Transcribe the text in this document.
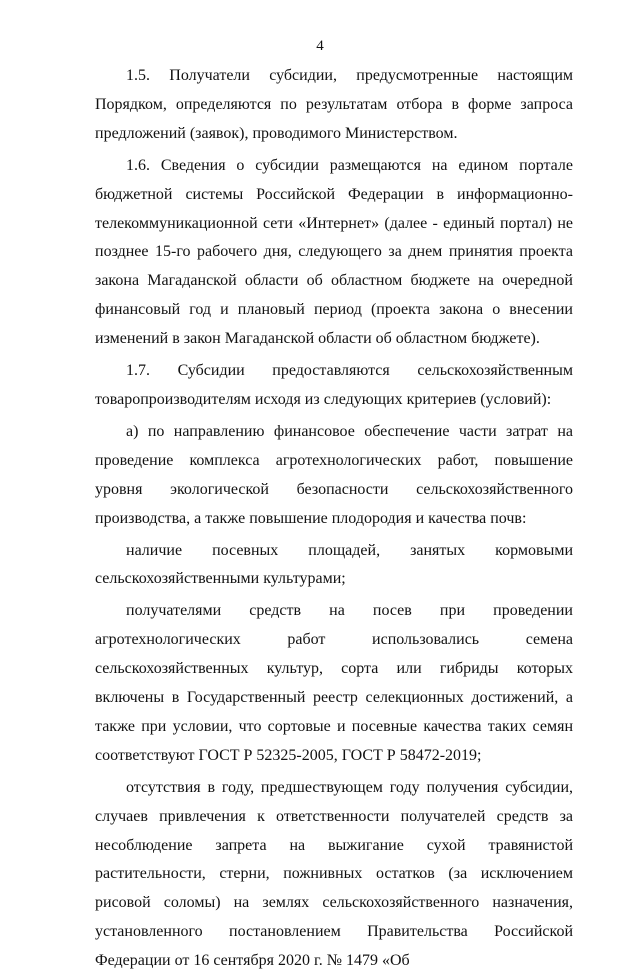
4

1.5. Получатели субсидии, предусмотренные настоящим Порядком, определяются по результатам отбора в форме запроса предложений (заявок), проводимого Министерством.

1.6. Сведения о субсидии размещаются на едином портале бюджетной системы Российской Федерации в информационно-телекоммуникационной сети «Интернет» (далее - единый портал) не позднее 15-го рабочего дня, следующего за днем принятия проекта закона Магаданской области об областном бюджете на очередной финансовый год и плановый период (проекта закона о внесении изменений в закон Магаданской области об областном бюджете).

1.7. Субсидии предоставляются сельскохозяйственным товаропроизводителям исходя из следующих критериев (условий):

а) по направлению финансовое обеспечение части затрат на проведение комплекса агротехнологических работ, повышение уровня экологической безопасности сельскохозяйственного производства, а также повышение плодородия и качества почв:

наличие посевных площадей, занятых кормовыми сельскохозяйственными культурами;

получателями средств на посев при проведении агротехнологических работ использовались семена сельскохозяйственных культур, сорта или гибриды которых включены в Государственный реестр селекционных достижений, а также при условии, что сортовые и посевные качества таких семян соответствуют ГОСТ Р 52325-2005, ГОСТ Р 58472-2019;

отсутствия в году, предшествующем году получения субсидии, случаев привлечения к ответственности получателей средств за несоблюдение запрета на выжигание сухой травянистой растительности, стерни, пожнивных остатков (за исключением рисовой соломы) на землях сельскохозяйственного назначения, установленного постановлением Правительства Российской Федерации от 16 сентября 2020 г. № 1479 «Об
